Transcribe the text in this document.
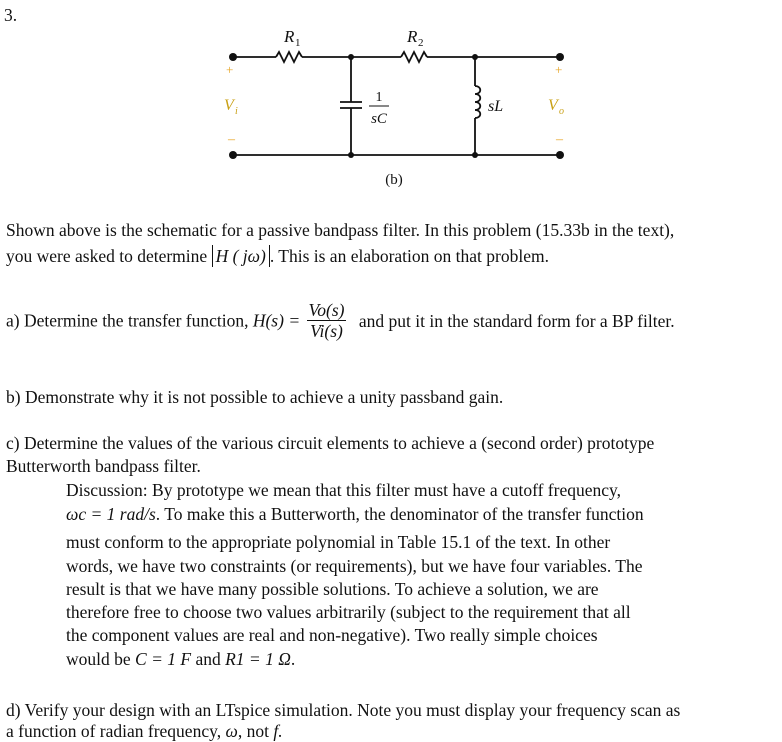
3.
R 1	R 2
1
sC
sL
+
V i
–
+
V o
–
(b)
Shown above is the schematic for a passive bandpass filter. In this problem (15.33b in the text),
you were asked to determine H ( jω) . This is an elaboration on that problem.
a) Determine the transfer function, $H(s) = \frac{Vo(s)}{Vi(s)}$ and put it in the standard form for a BP filter.
b) Demonstrate why it is not possible to achieve a unity passband gain.
c) Determine the values of the various circuit elements to achieve a (second order) prototype
Butterworth bandpass filter.
Discussion: By prototype we mean that this filter must have a cutoff frequency,
ωc = 1 rad/s. To make this a Butterworth, the denominator of the transfer function
must conform to the appropriate polynomial in Table 15.1 of the text. In other
words, we have two constraints (or requirements), but we have four variables. The
result is that we have many possible solutions. To achieve a solution, we are
therefore free to choose two values arbitrarily (subject to the requirement that all
the component values are real and non-negative). Two really simple choices
would be C = 1 F and R1 = 1 Ω.
d) Verify your design with an LTspice simulation. Note you must display your frequency scan as
a function of radian frequency, ω, not f.
